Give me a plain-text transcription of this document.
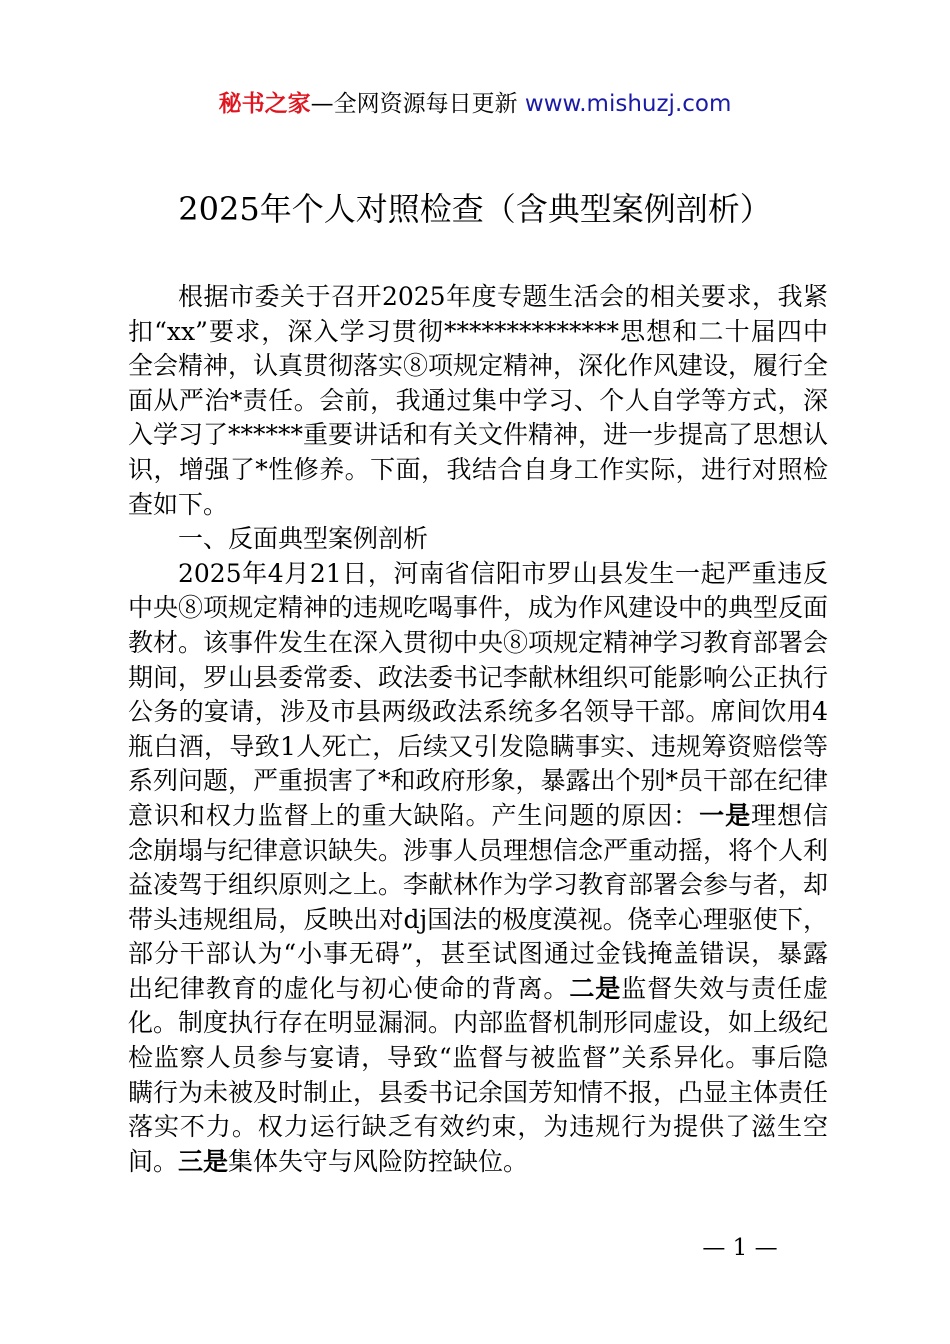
秘书之家—全网资源每日更新 www.mishuzj.com
2025年个人对照检查（含典型案例剖析）

根据市委关于召开2025年度专题生活会的相关要求，我紧扣“xx”要求，深入学习贯彻**************思想和二十届四中全会精神，认真贯彻落实⑧项规定精神，深化作风建设，履行全面从严治*责任。会前，我通过集中学习、个人自学等方式，深入学习了******重要讲话和有关文件精神，进一步提高了思想认识，增强了*性修养。下面，我结合自身工作实际，进行对照检查如下。

一、反面典型案例剖析

2025年4月21日，河南省信阳市罗山县发生一起严重违反中央⑧项规定精神的违规吃喝事件，成为作风建设中的典型反面教材。该事件发生在深入贯彻中央⑧项规定精神学习教育部署会期间，罗山县委常委、政法委书记李献林组织可能影响公正执行公务的宴请，涉及市县两级政法系统多名领导干部。席间饮用4瓶白酒，导致1人死亡，后续又引发隐瞒事实、违规筹资赔偿等系列问题，严重损害了*和政府形象，暴露出个别*员干部在纪律意识和权力监督上的重大缺陷。产生问题的原因：一是理想信念崩塌与纪律意识缺失。涉事人员理想信念严重动摇，将个人利益凌驾于组织原则之上。李献林作为学习教育部署会参与者，却带头违规组局，反映出对dj国法的极度漠视。侥幸心理驱使下，部分干部认为“小事无碍”，甚至试图通过金钱掩盖错误，暴露出纪律教育的虚化与初心使命的背离。二是监督失效与责任虚化。制度执行存在明显漏洞。内部监督机制形同虚设，如上级纪检监察人员参与宴请，导致“监督与被监督”关系异化。事后隐瞒行为未被及时制止，县委书记余国芳知情不报，凸显主体责任落实不力。权力运行缺乏有效约束，为违规行为提供了滋生空间。三是集体失守与风险防控缺位。

— 1 —
